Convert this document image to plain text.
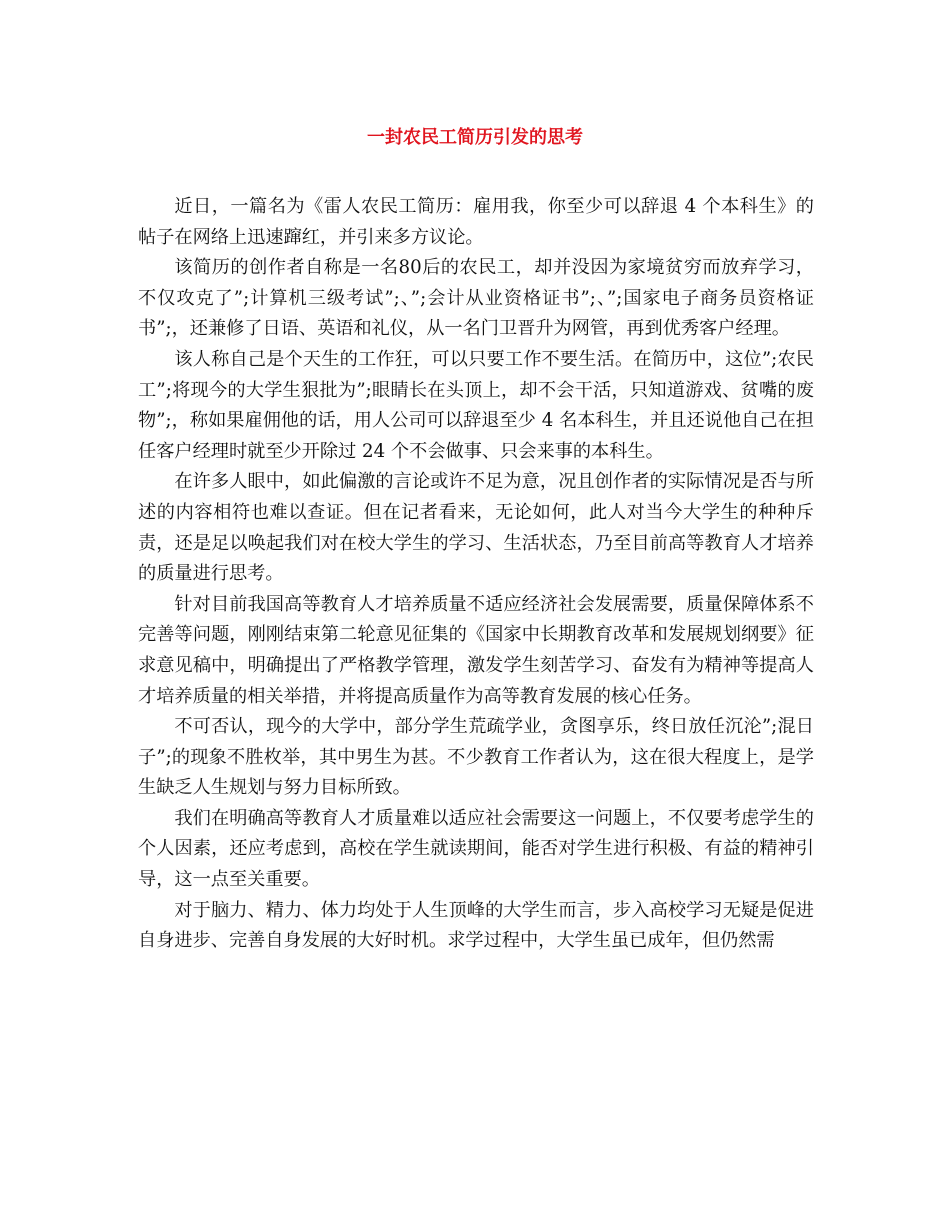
一封农民工简历引发的思考

近日，一篇名为《雷人农民工简历：雇用我，你至少可以辞退 4 个本科生》的帖子在网络上迅速蹿红，并引来多方议论。

该简历的创作者自称是一名80后的农民工，却并没因为家境贫穷而放弃学习，不仅攻克了”;计算机三级考试”;、”;会计从业资格证书”;、”;国家电子商务员资格证书”;，还兼修了日语、英语和礼仪，从一名门卫晋升为网管，再到优秀客户经理。

该人称自己是个天生的工作狂，可以只要工作不要生活。在简历中，这位”;农民工”;将现今的大学生狠批为”;眼睛长在头顶上，却不会干活，只知道游戏、贫嘴的废物”;，称如果雇佣他的话，用人公司可以辞退至少 4 名本科生，并且还说他自己在担任客户经理时就至少开除过 24 个不会做事、只会来事的本科生。

在许多人眼中，如此偏激的言论或许不足为意，况且创作者的实际情况是否与所述的内容相符也难以查证。但在记者看来，无论如何，此人对当今大学生的种种斥责，还是足以唤起我们对在校大学生的学习、生活状态，乃至目前高等教育人才培养的质量进行思考。

针对目前我国高等教育人才培养质量不适应经济社会发展需要，质量保障体系不完善等问题，刚刚结束第二轮意见征集的《国家中长期教育改革和发展规划纲要》征求意见稿中，明确提出了严格教学管理，激发学生刻苦学习、奋发有为精神等提高人才培养质量的相关举措，并将提高质量作为高等教育发展的核心任务。

不可否认，现今的大学中，部分学生荒疏学业，贪图享乐，终日放任沉沦”;混日子”;的现象不胜枚举，其中男生为甚。不少教育工作者认为，这在很大程度上，是学生缺乏人生规划与努力目标所致。

我们在明确高等教育人才质量难以适应社会需要这一问题上，不仅要考虑学生的个人因素，还应考虑到，高校在学生就读期间，能否对学生进行积极、有益的精神引导，这一点至关重要。

对于脑力、精力、体力均处于人生顶峰的大学生而言，步入高校学习无疑是促进自身进步、完善自身发展的大好时机。求学过程中，大学生虽已成年，但仍然需
